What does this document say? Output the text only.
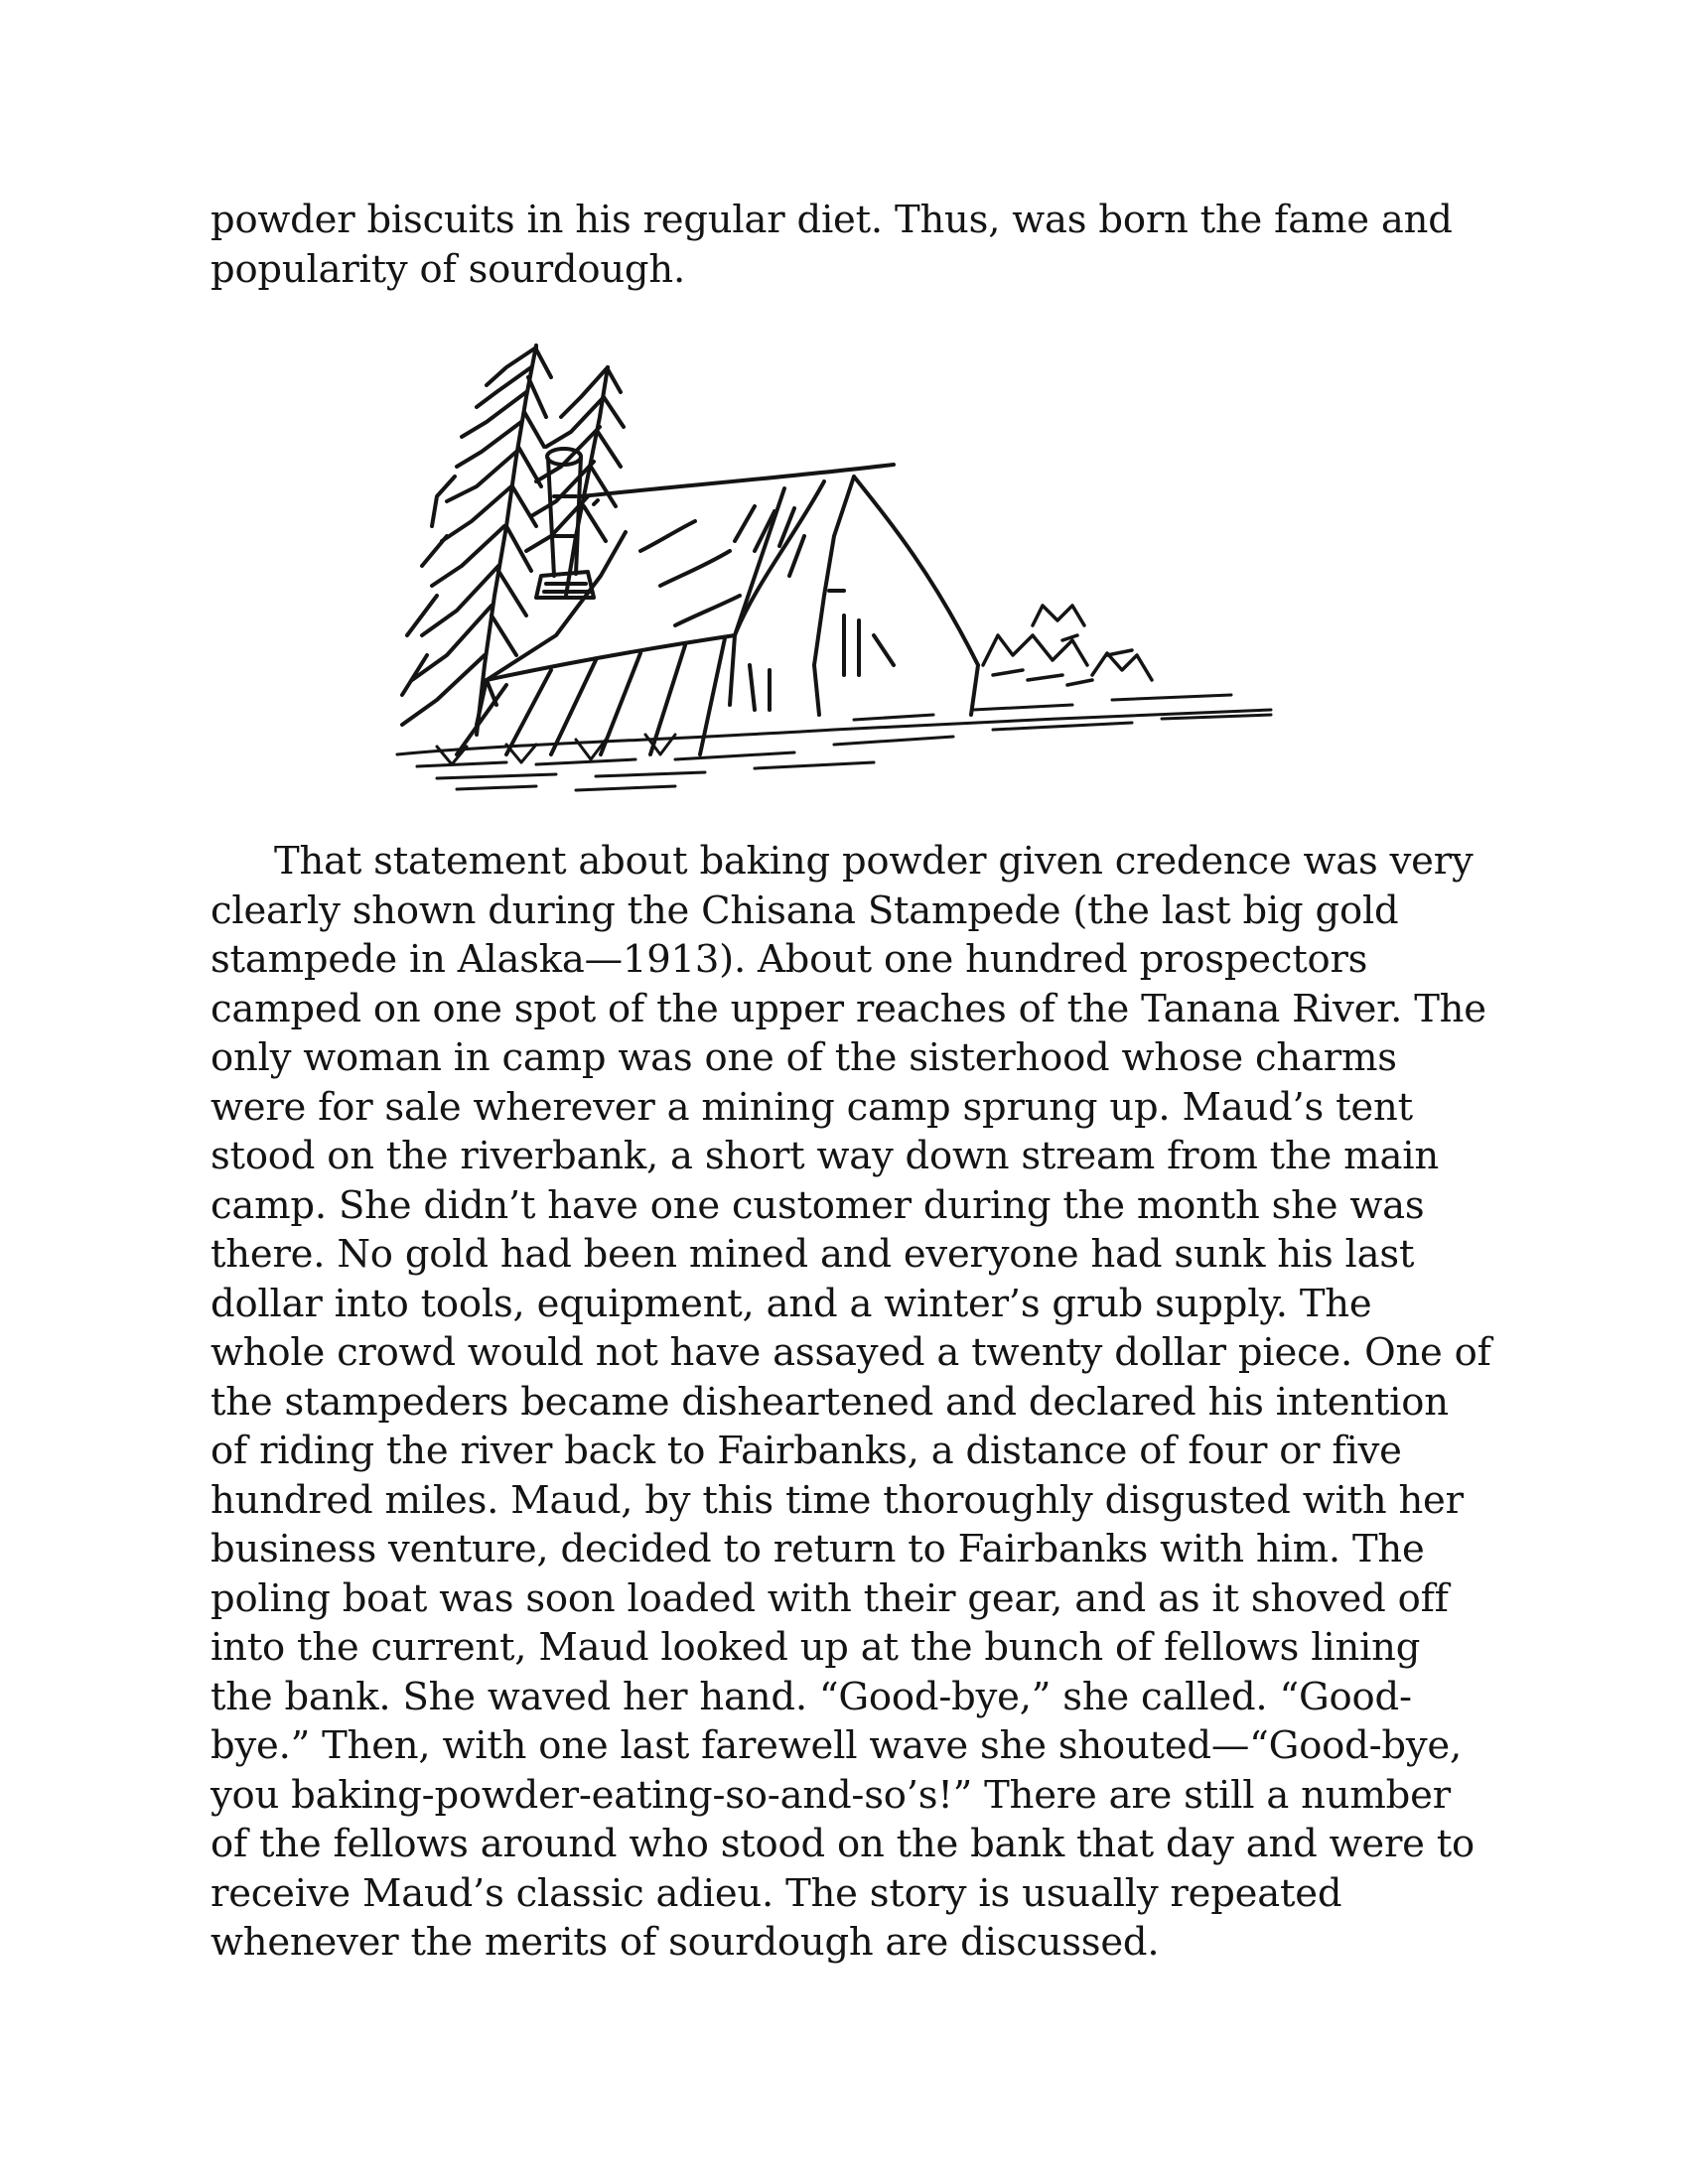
powder biscuits in his regular diet. Thus, was born the fame and popularity of sourdough.

That statement about baking powder given credence was very clearly shown during the Chisana Stampede (the last big gold stampede in Alaska—1913). About one hundred prospectors camped on one spot of the upper reaches of the Tanana River. The only woman in camp was one of the sisterhood whose charms were for sale wherever a mining camp sprung up. Maud’s tent stood on the riverbank, a short way down stream from the main camp. She didn’t have one customer during the month she was there. No gold had been mined and everyone had sunk his last dollar into tools, equipment, and a winter’s grub supply. The whole crowd would not have assayed a twenty dollar piece. One of the stampeders became disheartened and declared his intention of riding the river back to Fairbanks, a distance of four or five hundred miles. Maud, by this time thoroughly disgusted with her business venture, decided to return to Fairbanks with him. The poling boat was soon loaded with their gear, and as it shoved off into the current, Maud looked up at the bunch of fellows lining the bank. She waved her hand. “Good-bye,” she called. “Good-bye.” Then, with one last farewell wave she shouted—“Good-bye, you baking-powder-eating-so-and-so’s!” There are still a number of the fellows around who stood on the bank that day and were to receive Maud’s classic adieu. The story is usually repeated whenever the merits of sourdough are discussed.
